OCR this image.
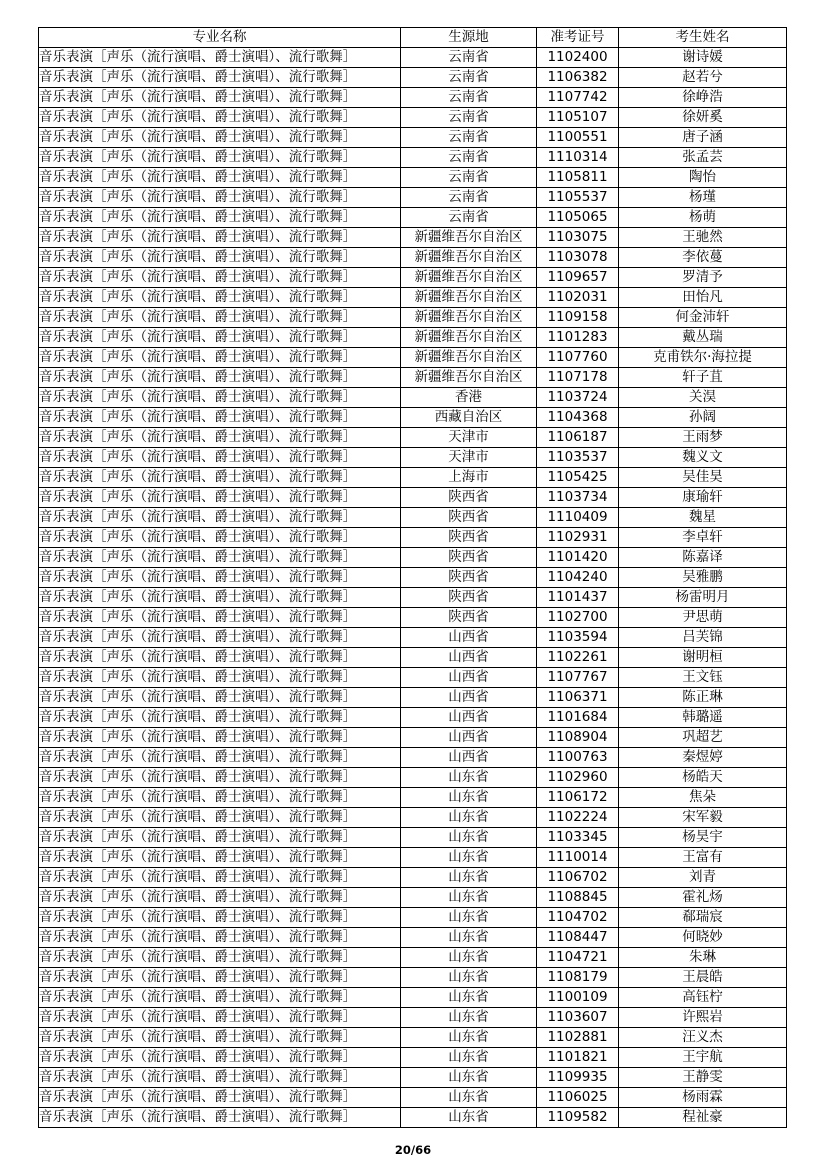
专业名称	生源地	准考证号	考生姓名
音乐表演［声乐（流行演唱、爵士演唱）、流行歌舞］	云南省	1102400	谢诗媛
音乐表演［声乐（流行演唱、爵士演唱）、流行歌舞］	云南省	1106382	赵若兮
音乐表演［声乐（流行演唱、爵士演唱）、流行歌舞］	云南省	1107742	徐峥浩
音乐表演［声乐（流行演唱、爵士演唱）、流行歌舞］	云南省	1105107	徐妍奚
音乐表演［声乐（流行演唱、爵士演唱）、流行歌舞］	云南省	1100551	唐子涵
音乐表演［声乐（流行演唱、爵士演唱）、流行歌舞］	云南省	1110314	张孟芸
音乐表演［声乐（流行演唱、爵士演唱）、流行歌舞］	云南省	1105811	陶怡
音乐表演［声乐（流行演唱、爵士演唱）、流行歌舞］	云南省	1105537	杨瑾
音乐表演［声乐（流行演唱、爵士演唱）、流行歌舞］	云南省	1105065	杨萌
音乐表演［声乐（流行演唱、爵士演唱）、流行歌舞］	新疆维吾尔自治区	1103075	王驰然
音乐表演［声乐（流行演唱、爵士演唱）、流行歌舞］	新疆维吾尔自治区	1103078	李依蔓
音乐表演［声乐（流行演唱、爵士演唱）、流行歌舞］	新疆维吾尔自治区	1109657	罗清予
音乐表演［声乐（流行演唱、爵士演唱）、流行歌舞］	新疆维吾尔自治区	1102031	田怡凡
音乐表演［声乐（流行演唱、爵士演唱）、流行歌舞］	新疆维吾尔自治区	1109158	何金沛轩
音乐表演［声乐（流行演唱、爵士演唱）、流行歌舞］	新疆维吾尔自治区	1101283	戴丛瑞
音乐表演［声乐（流行演唱、爵士演唱）、流行歌舞］	新疆维吾尔自治区	1107760	克甫铁尔·海拉提
音乐表演［声乐（流行演唱、爵士演唱）、流行歌舞］	新疆维吾尔自治区	1107178	轩子苴
音乐表演［声乐（流行演唱、爵士演唱）、流行歌舞］	香港	1103724	关淏
音乐表演［声乐（流行演唱、爵士演唱）、流行歌舞］	西藏自治区	1104368	孙阔
音乐表演［声乐（流行演唱、爵士演唱）、流行歌舞］	天津市	1106187	王雨梦
音乐表演［声乐（流行演唱、爵士演唱）、流行歌舞］	天津市	1103537	魏义文
音乐表演［声乐（流行演唱、爵士演唱）、流行歌舞］	上海市	1105425	吴佳昊
音乐表演［声乐（流行演唱、爵士演唱）、流行歌舞］	陕西省	1103734	康瑜轩
音乐表演［声乐（流行演唱、爵士演唱）、流行歌舞］	陕西省	1110409	魏星
音乐表演［声乐（流行演唱、爵士演唱）、流行歌舞］	陕西省	1102931	李卓轩
音乐表演［声乐（流行演唱、爵士演唱）、流行歌舞］	陕西省	1101420	陈嘉译
音乐表演［声乐（流行演唱、爵士演唱）、流行歌舞］	陕西省	1104240	吴雅鹏
音乐表演［声乐（流行演唱、爵士演唱）、流行歌舞］	陕西省	1101437	杨雷明月
音乐表演［声乐（流行演唱、爵士演唱）、流行歌舞］	陕西省	1102700	尹思萌
音乐表演［声乐（流行演唱、爵士演唱）、流行歌舞］	山西省	1103594	吕芙锦
音乐表演［声乐（流行演唱、爵士演唱）、流行歌舞］	山西省	1102261	谢明桓
音乐表演［声乐（流行演唱、爵士演唱）、流行歌舞］	山西省	1107767	王文钰
音乐表演［声乐（流行演唱、爵士演唱）、流行歌舞］	山西省	1106371	陈正琳
音乐表演［声乐（流行演唱、爵士演唱）、流行歌舞］	山西省	1101684	韩璐遥
音乐表演［声乐（流行演唱、爵士演唱）、流行歌舞］	山西省	1108904	巩超艺
音乐表演［声乐（流行演唱、爵士演唱）、流行歌舞］	山西省	1100763	秦煜婷
音乐表演［声乐（流行演唱、爵士演唱）、流行歌舞］	山东省	1102960	杨皓天
音乐表演［声乐（流行演唱、爵士演唱）、流行歌舞］	山东省	1106172	焦朵
音乐表演［声乐（流行演唱、爵士演唱）、流行歌舞］	山东省	1102224	宋军毅
音乐表演［声乐（流行演唱、爵士演唱）、流行歌舞］	山东省	1103345	杨昊宇
音乐表演［声乐（流行演唱、爵士演唱）、流行歌舞］	山东省	1110014	王富有
音乐表演［声乐（流行演唱、爵士演唱）、流行歌舞］	山东省	1106702	刘青
音乐表演［声乐（流行演唱、爵士演唱）、流行歌舞］	山东省	1108845	霍礼炀
音乐表演［声乐（流行演唱、爵士演唱）、流行歌舞］	山东省	1104702	郗瑞宸
音乐表演［声乐（流行演唱、爵士演唱）、流行歌舞］	山东省	1108447	何晓妙
音乐表演［声乐（流行演唱、爵士演唱）、流行歌舞］	山东省	1104721	朱琳
音乐表演［声乐（流行演唱、爵士演唱）、流行歌舞］	山东省	1108179	王晨皓
音乐表演［声乐（流行演唱、爵士演唱）、流行歌舞］	山东省	1100109	高钰柠
音乐表演［声乐（流行演唱、爵士演唱）、流行歌舞］	山东省	1103607	许熙岩
音乐表演［声乐（流行演唱、爵士演唱）、流行歌舞］	山东省	1102881	汪义杰
音乐表演［声乐（流行演唱、爵士演唱）、流行歌舞］	山东省	1101821	王宇航
音乐表演［声乐（流行演唱、爵士演唱）、流行歌舞］	山东省	1109935	王静雯
音乐表演［声乐（流行演唱、爵士演唱）、流行歌舞］	山东省	1106025	杨雨霖
音乐表演［声乐（流行演唱、爵士演唱）、流行歌舞］	山东省	1109582	程祉豪
20/66
